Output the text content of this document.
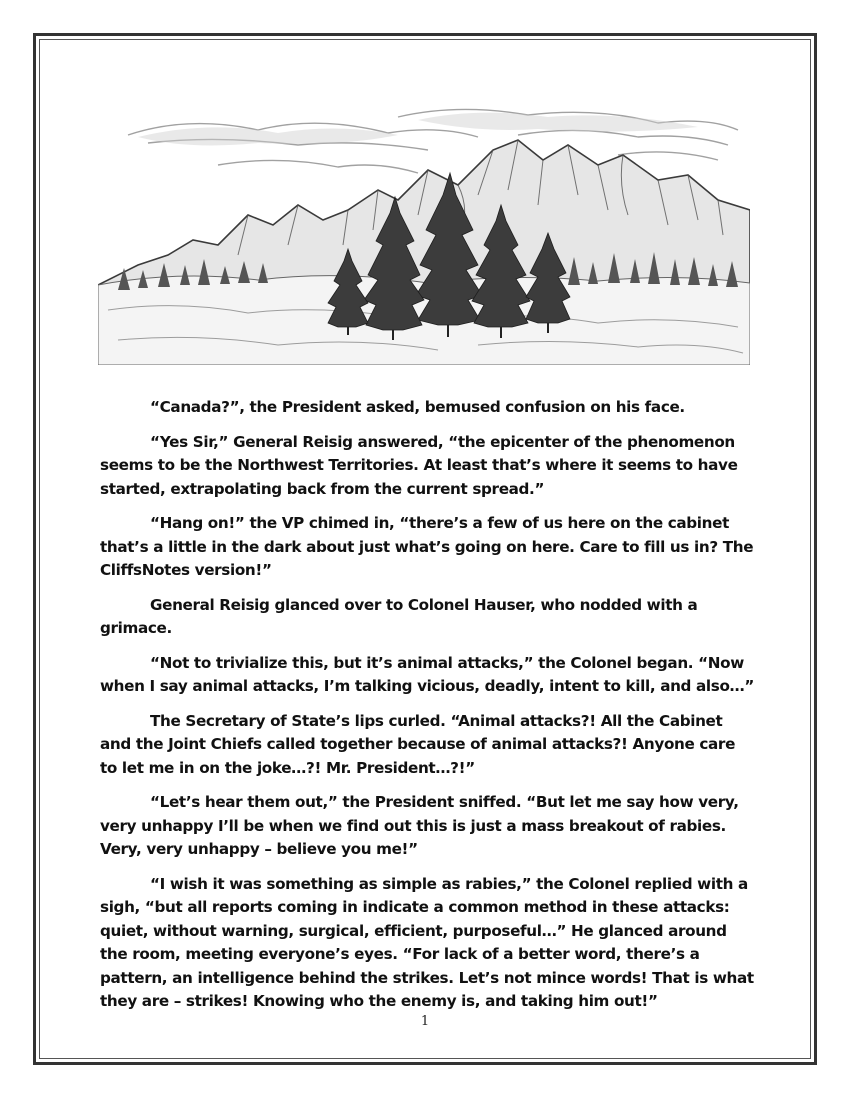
“Canada?”, the President asked, bemused confusion on his face.

“Yes Sir,” General Reisig answered, “the epicenter of the phenomenon seems to be the Northwest Territories. At least that’s where it seems to have started, extrapolating back from the current spread.”

“Hang on!” the VP chimed in, “there’s a few of us here on the cabinet that’s a little in the dark about just what’s going on here. Care to fill us in? The CliffsNotes version!”

General Reisig glanced over to Colonel Hauser, who nodded with a grimace.

“Not to trivialize this, but it’s animal attacks,” the Colonel began. “Now when I say animal attacks, I’m talking vicious, deadly, intent to kill, and also…”

The Secretary of State’s lips curled. “Animal attacks?! All the Cabinet and the Joint Chiefs called together because of animal attacks?! Anyone care to let me in on the joke…?! Mr. President…?!”

“Let’s hear them out,” the President sniffed. “But let me say how very, very unhappy I’ll be when we find out this is just a mass breakout of rabies. Very, very unhappy – believe you me!”

“I wish it was something as simple as rabies,” the Colonel replied with a sigh, “but all reports coming in indicate a common method in these attacks: quiet, without warning, surgical, efficient, purposeful…” He glanced around the room, meeting everyone’s eyes. “For lack of a better word, there’s a pattern, an intelligence behind the strikes. Let’s not mince words! That is what they are – strikes! Knowing who the enemy is, and taking him out!”

1
